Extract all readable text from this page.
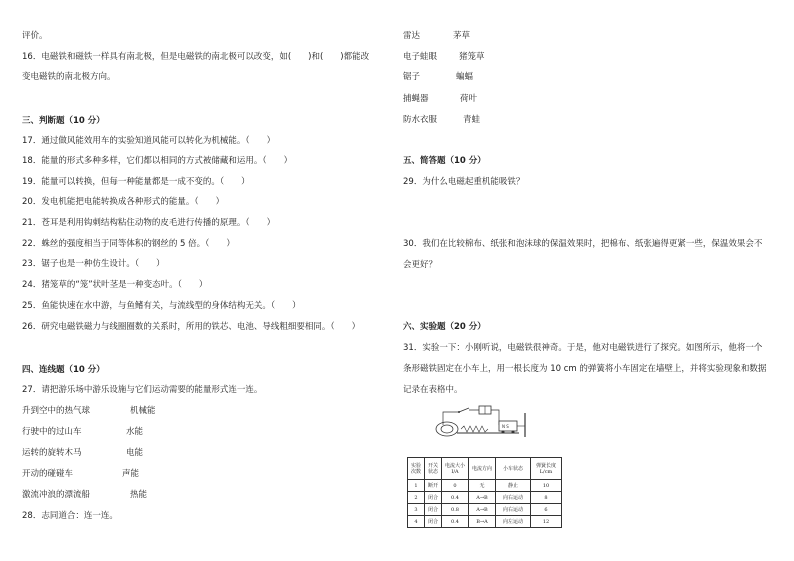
评价。
16．电磁铁和磁铁一样具有南北极，但是电磁铁的南北极可以改变，如(　　)和(　　)都能改
变电磁铁的南北极方向。
三、判断题（10 分）
17．通过做风能效用车的实验知道风能可以转化为机械能。（　　）
18．能量的形式多种多样，它们都以相同的方式被储藏和运用。（　　）
19．能量可以转换，但每一种能量都是一成不变的。（　　）
20．发电机能把电能转换成各种形式的能量。（　　）
21．苍耳是利用钩刺结构粘住动物的皮毛进行传播的原理。（　　）
22．蛛丝的强度相当于同等体积的钢丝的 5 倍。（　　）
23．锯子也是一种仿生设计。（　　）
24．猪笼草的“笼”状叶茎是一种变态叶。（　　）
25．鱼能快速在水中游，与鱼鳍有关，与流线型的身体结构无关。（　　）
26．研究电磁铁磁力与线圈圈数的关系时，所用的铁芯、电池、导线粗细要相同。（　　）
四、连线题（10 分）
27．请把游乐场中游乐设施与它们运动需要的能量形式连一连。
升到空中的热气球	机械能
行驶中的过山车	水能
运转的旋转木马	电能
开动的碰碰车	声能
激流冲浪的漂流船	热能
28．志同道合：连一连。
雷达	茅草
电子蛙眼	猪笼草
锯子	蝙蝠
捕蝇器	荷叶
防水衣服	青蛙
五、简答题（10 分）
29．为什么电磁起重机能吸铁？
30．我们在比较棉布、纸张和泡沫球的保温效果时，把棉布、纸张遍得更紧一些，保温效果会不
会更好？
六、实验题（20 分）
31．实验一下：小刚听说，电磁铁很神奇。于是，他对电磁铁进行了探究。如图所示，他将一个
条形磁铁固定在小车上，用一根长度为 10 cm 的弹簧将小车固定在墙壁上，并将实验现象和数据
记录在表格中。
N S
实验次数	开关状态	电流大小I/A	电流方向	小车状态	弹簧长度L/cm
1	断开	0	无	静止	10
2	闭合	0.4	A→B	向右运动	8
3	闭合	0.8	A→B	向右运动	6
4	闭合	0.4	B→A	向左运动	12
